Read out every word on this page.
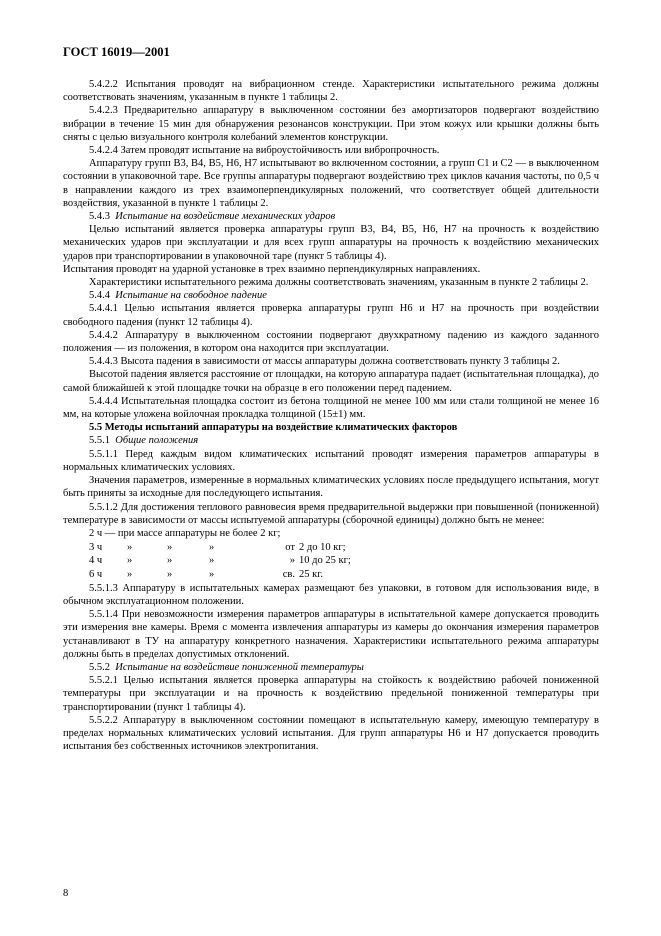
ГОСТ 16019—2001

5.4.2.2 Испытания проводят на вибрационном стенде. Характеристики испытательного режима должны соответствовать значениям, указанным в пункте 1 таблицы 2.

5.4.2.3 Предварительно аппаратуру в выключенном состоянии без амортизаторов подвергают воздействию вибрации в течение 15 мин для обнаружения резонансов конструкции. При этом кожух или крышки должны быть сняты с целью визуального контроля колебаний элементов конструкции.

5.4.2.4 Затем проводят испытание на виброустойчивость или вибропрочность.

Аппаратуру групп В3, В4, В5, Н6, Н7 испытывают во включенном состоянии, а групп С1 и С2 — в выключенном состоянии в упаковочной таре. Все группы аппаратуры подвергают воздействию трех циклов качания частоты, по 0,5 ч в направлении каждого из трех взаимоперпендикулярных положений, что соответствует общей длительности воздействия, указанной в пункте 1 таблицы 2.

5.4.3  Испытание на воздействие механических ударов

Целью испытаний является проверка аппаратуры групп В3, В4, В5, Н6, Н7 на прочность к воздействию механических ударов при эксплуатации и для всех групп аппаратуры на прочность к воздействию механических ударов при транспортировании в упаковочной таре (пункт 5 таблицы 4).

Испытания проводят на ударной установке в трех взаимно перпендикулярных направлениях.

Характеристики испытательного режима должны соответствовать значениям, указанным в пункте 2 таблицы 2.

5.4.4  Испытание на свободное падение

5.4.4.1 Целью испытания является проверка аппаратуры групп Н6 и Н7 на прочность при воздействии свободного падения (пункт 12 таблицы 4).

5.4.4.2 Аппаратуру в выключенном состоянии подвергают двухкратному падению из каждого заданного положения — из положения, в котором она находится при эксплуатации.

5.4.4.3 Высота падения в зависимости от массы аппаратуры должна соответствовать пункту 3 таблицы 2.

Высотой падения является расстояние от площадки, на которую аппаратура падает (испытательная площадка), до самой ближайшей к этой площадке точки на образце в его положении перед падением.

5.4.4.4 Испытательная площадка состоит из бетона толщиной не менее 100 мм или стали толщиной не менее 16 мм, на которые уложена войлочная прокладка толщиной (15±1) мм.

5.5 Методы испытаний аппаратуры на воздействие климатических факторов

5.5.1  Общие положения

5.5.1.1 Перед каждым видом климатических испытаний проводят измерения параметров аппаратуры в нормальных климатических условиях.

Значения параметров, измеренные в нормальных климатических условиях после предыдущего испытания, могут быть приняты за исходные для последующего испытания.

5.5.1.2 Для достижения теплового равновесия время предварительной выдержки при повышенной (пониженной) температуре в зависимости от массы испытуемой аппаратуры (сборочной единицы) должно быть не менее:

2 ч — при массе аппаратуры не более 2 кг;

3 ч	»	»	»	от	2 до 10 кг;
4 ч	»	»	»	»	10 до 25 кг;
6 ч	»	»	»	св.	25 кг.

5.5.1.3 Аппаратуру в испытательных камерах размещают без упаковки, в готовом для использования виде, в обычном эксплуатационном положении.

5.5.1.4 При невозможности измерения параметров аппаратуры в испытательной камере допускается проводить эти измерения вне камеры. Время с момента извлечения аппаратуры из камеры до окончания измерения параметров устанавливают в ТУ на аппаратуру конкретного назначения. Характеристики испытательного режима аппаратуры должны быть в пределах допустимых отклонений.

5.5.2  Испытание на воздействие пониженной температуры

5.5.2.1 Целью испытания является проверка аппаратуры на стойкость к воздействию рабочей пониженной температуры при эксплуатации и на прочность к воздействию предельной пониженной температуры при транспортировании (пункт 1 таблицы 4).

5.5.2.2 Аппаратуру в выключенном состоянии помещают в испытательную камеру, имеющую температуру в пределах нормальных климатических условий испытания. Для групп аппаратуры Н6 и Н7 допускается проводить испытания без собственных источников электропитания.

8
